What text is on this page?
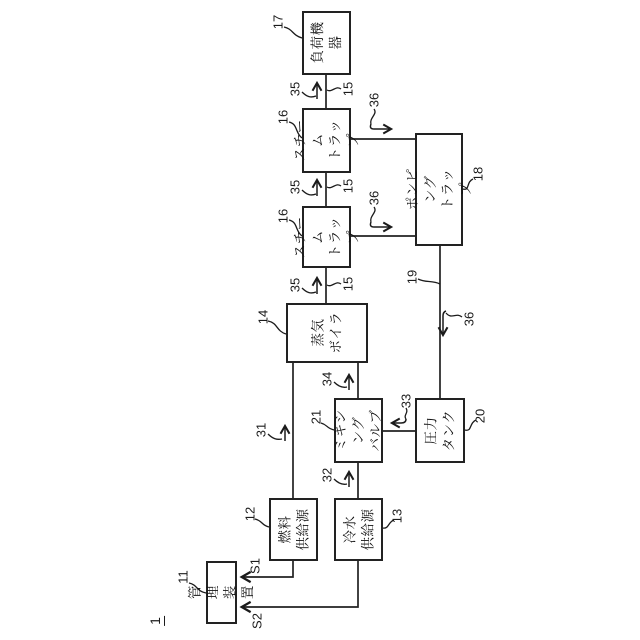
負荷機器
スチーム
トラップ
スチーム
トラップ
ポンピング
トラップ
蒸気
ボイラ
ミキシング
バルブ	圧力
タンク
燃料
供給源 冷水
供給源
管理装置
17
16
16
18
14
19
20
21
12	13
11
35
35
35
15
15
15
36
36
36
31
32
33
34
S1
S2
1
